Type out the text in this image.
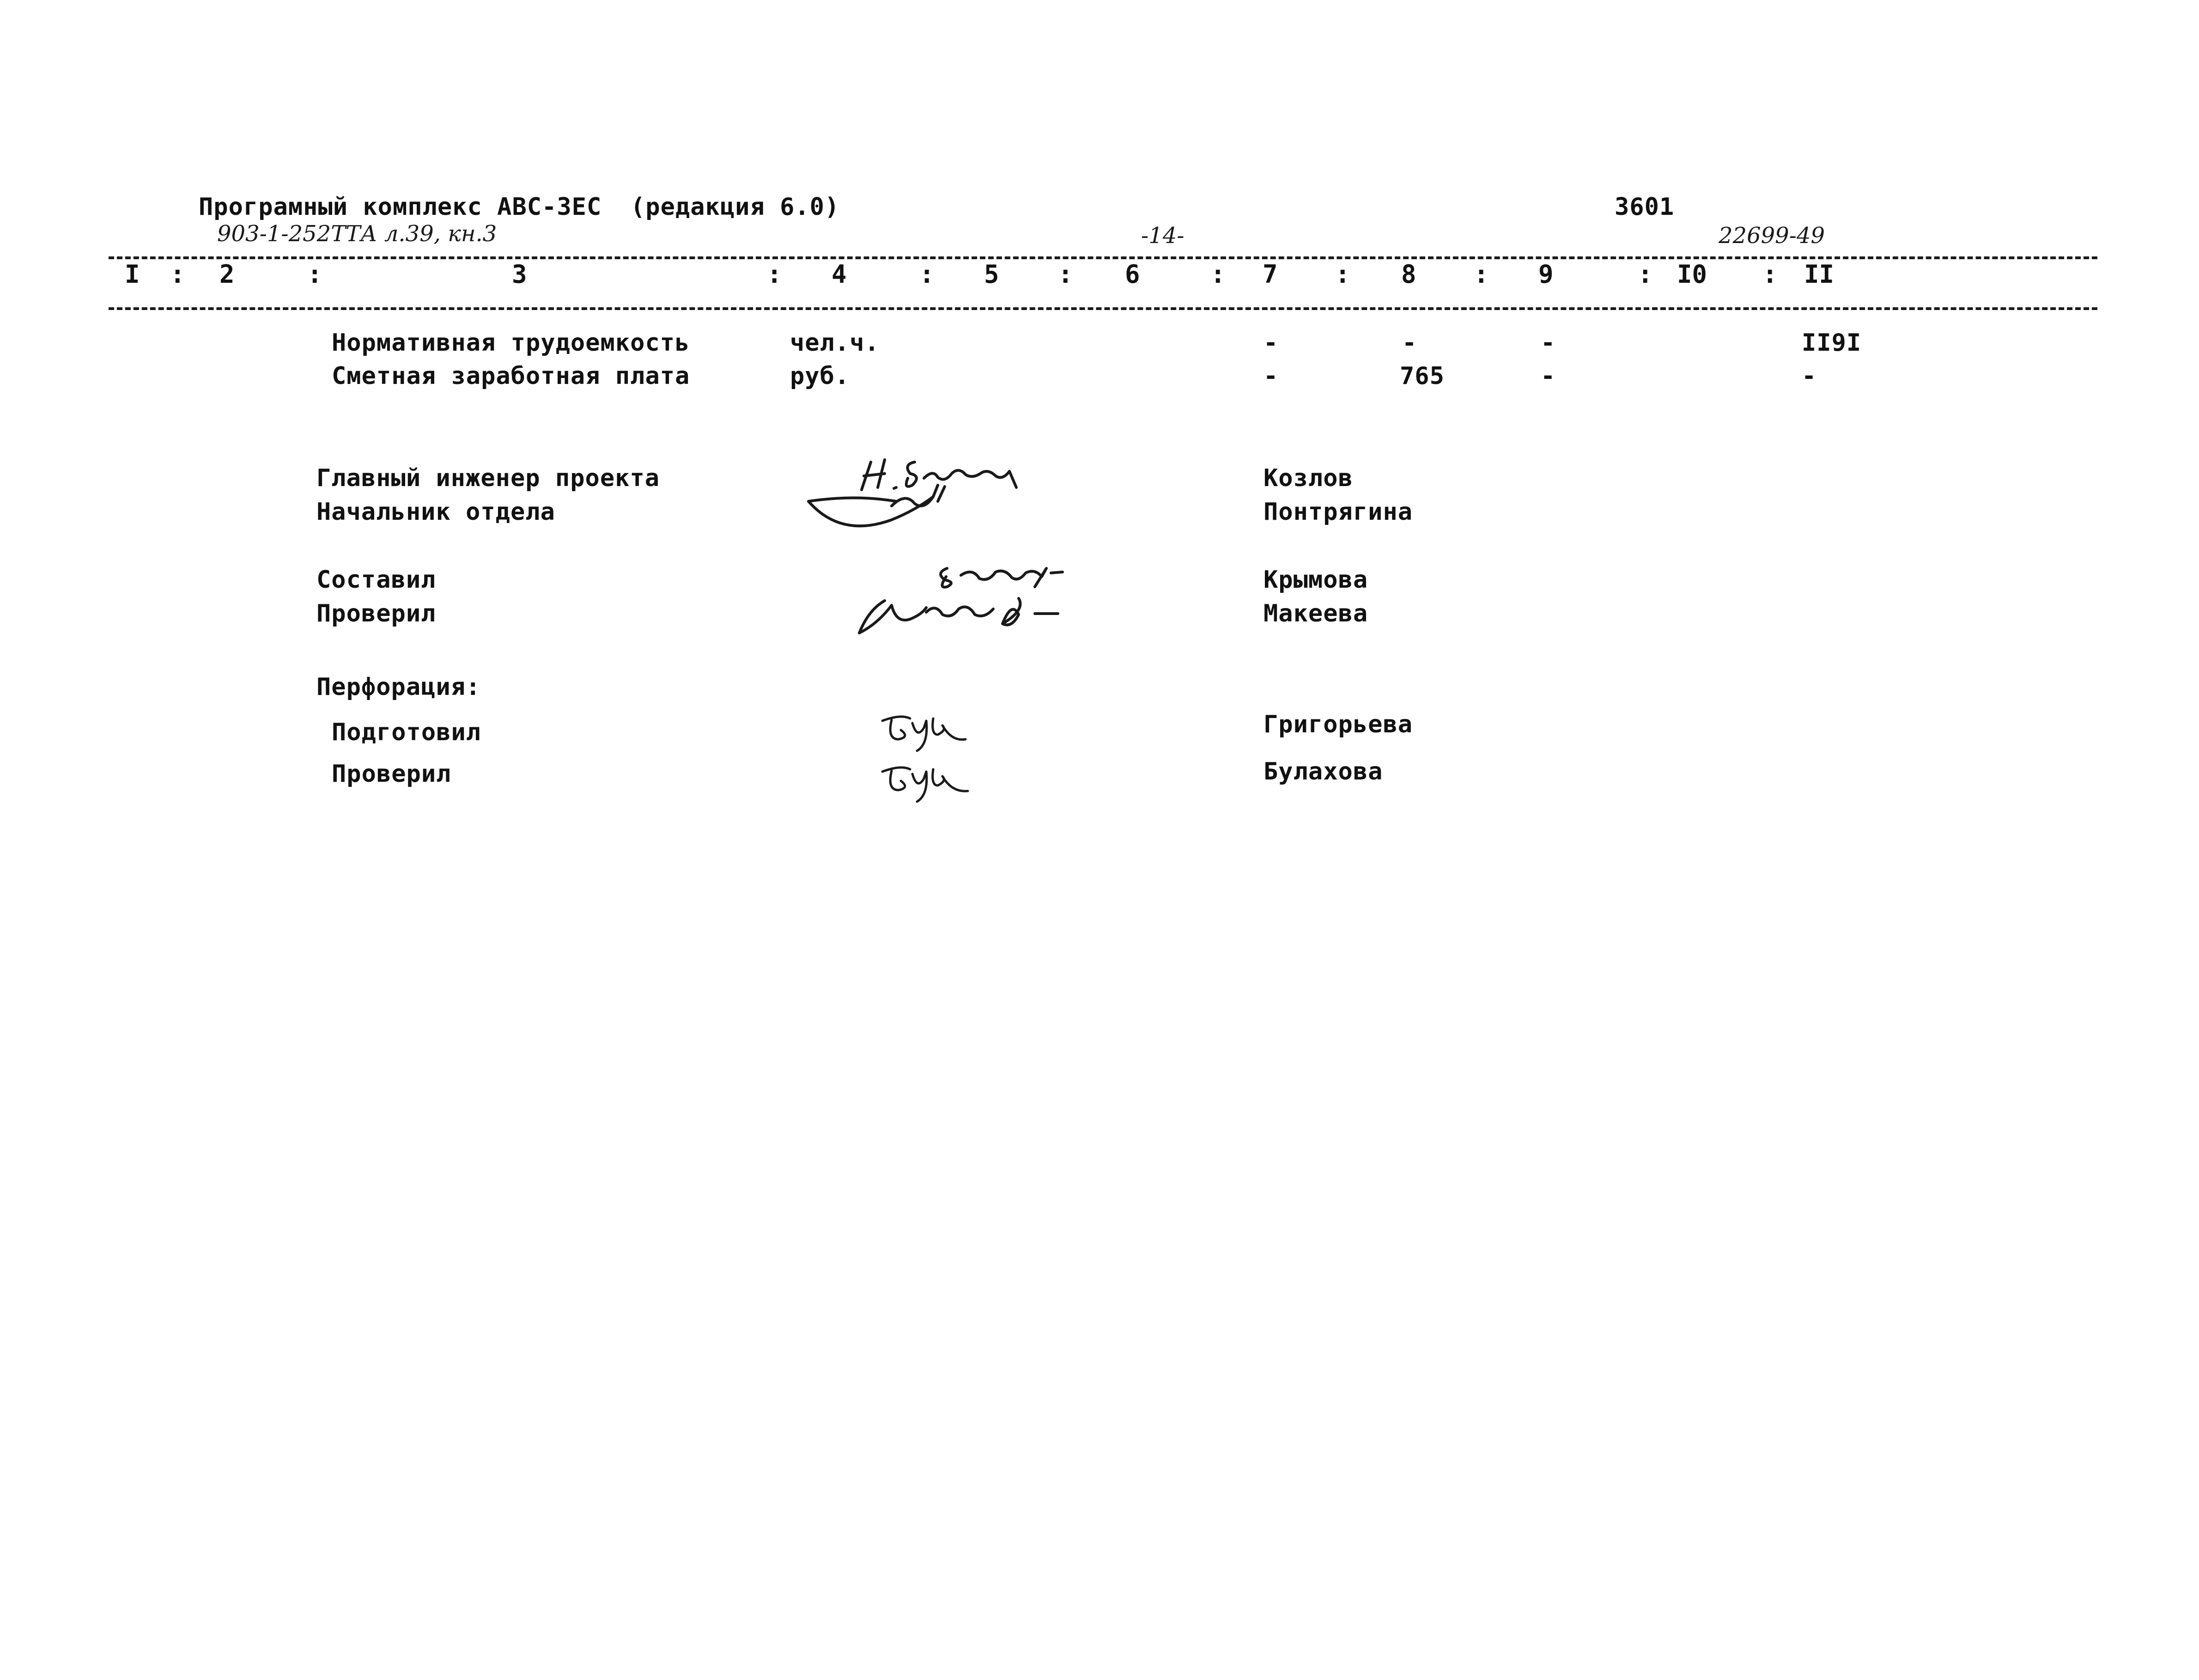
Програмный комплекс АВС-3ЕС (редакция 6.0)	3601
903-1-252ТТА л.39, кн.3	-14-	22699-49
I : 2	:	3	: 4	: 5 : 6	: 7 : 8 : 9	: I0 : II
Нормативная трудоемкость	чел.ч.	-	-	-	II9I
Сметная заработная плата	руб.	-	765	-	-
Главный инженер проекта	Козлов
Начальник отдела	Понтрягина
Составил	Крымова
Проверил	Макеева
Перфорация:
Подготовил	Григорьева
Проверил	Булахова
